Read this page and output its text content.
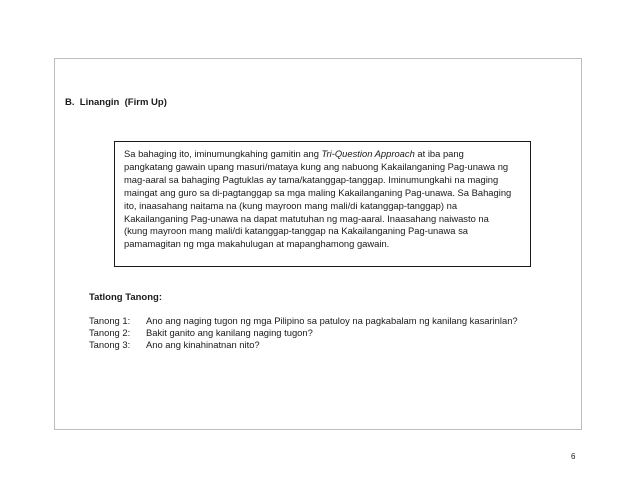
B. Linangin (Firm Up)

Sa bahaging ito, iminumungkahing gamitin ang Tri-Question Approach at iba pang
pangkatang gawain upang masuri/mataya kung ang nabuong Kakailanganing Pag-unawa ng
mag-aaral sa bahaging Pagtuklas ay tama/katanggap-tanggap. Iminumungkahi na maging
maingat ang guro sa di-pagtanggap sa mga maling Kakailanganing Pag-unawa. Sa Bahaging
ito, inaasahang naitama na (kung mayroon mang mali/di katanggap-tanggap) na
Kakailanganing Pag-unawa na dapat matutuhan ng mag-aaral. Inaasahang naiwasto na
(kung mayroon mang mali/di katanggap-tanggap na Kakailanganing Pag-unawa sa
pamamagitan ng mga makahulugan at mapanghamong gawain.

Tatlong Tanong:
Tanong 1: Ano ang naging tugon ng mga Pilipino sa patuloy na pagkabalam ng kanilang kasarinlan?
Tanong 2: Bakit ganito ang kanilang naging tugon?
Tanong 3: Ano ang kinahinatnan nito?

6
